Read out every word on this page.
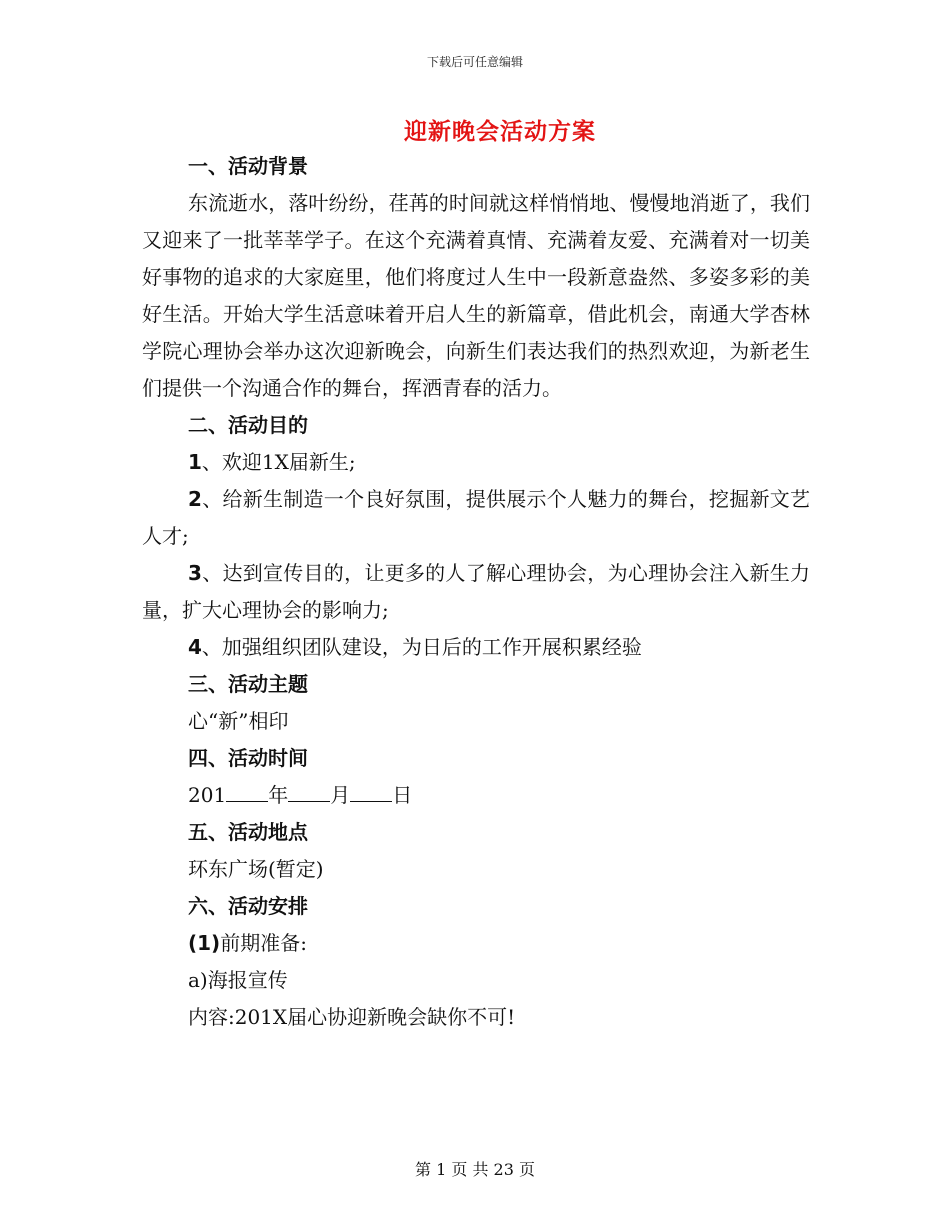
下载后可任意编辑
迎新晚会活动方案
一、活动背景
东流逝水，落叶纷纷，荏苒的时间就这样悄悄地、慢慢地消逝了，我们又迎来了一批莘莘学子。在这个充满着真情、充满着友爱、充满着对一切美好事物的追求的大家庭里，他们将度过人生中一段新意盎然、多姿多彩的美好生活。开始大学生活意味着开启人生的新篇章，借此机会，南通大学杏林学院心理协会举办这次迎新晚会，向新生们表达我们的热烈欢迎，为新老生们提供一个沟通合作的舞台，挥洒青春的活力。
二、活动目的
1、欢迎1X届新生;
2、给新生制造一个良好氛围，提供展示个人魅力的舞台，挖掘新文艺人才;
3、达到宣传目的，让更多的人了解心理协会，为心理协会注入新生力量，扩大心理协会的影响力;
4、加强组织团队建设，为日后的工作开展积累经验
三、活动主题
心“新”相印
四、活动时间
201 年 月 日
五、活动地点
环东广场(暂定)
六、活动安排
(1)前期准备:
a)海报宣传
内容:201X届心协迎新晚会缺你不可!
第 1 页 共 23 页
